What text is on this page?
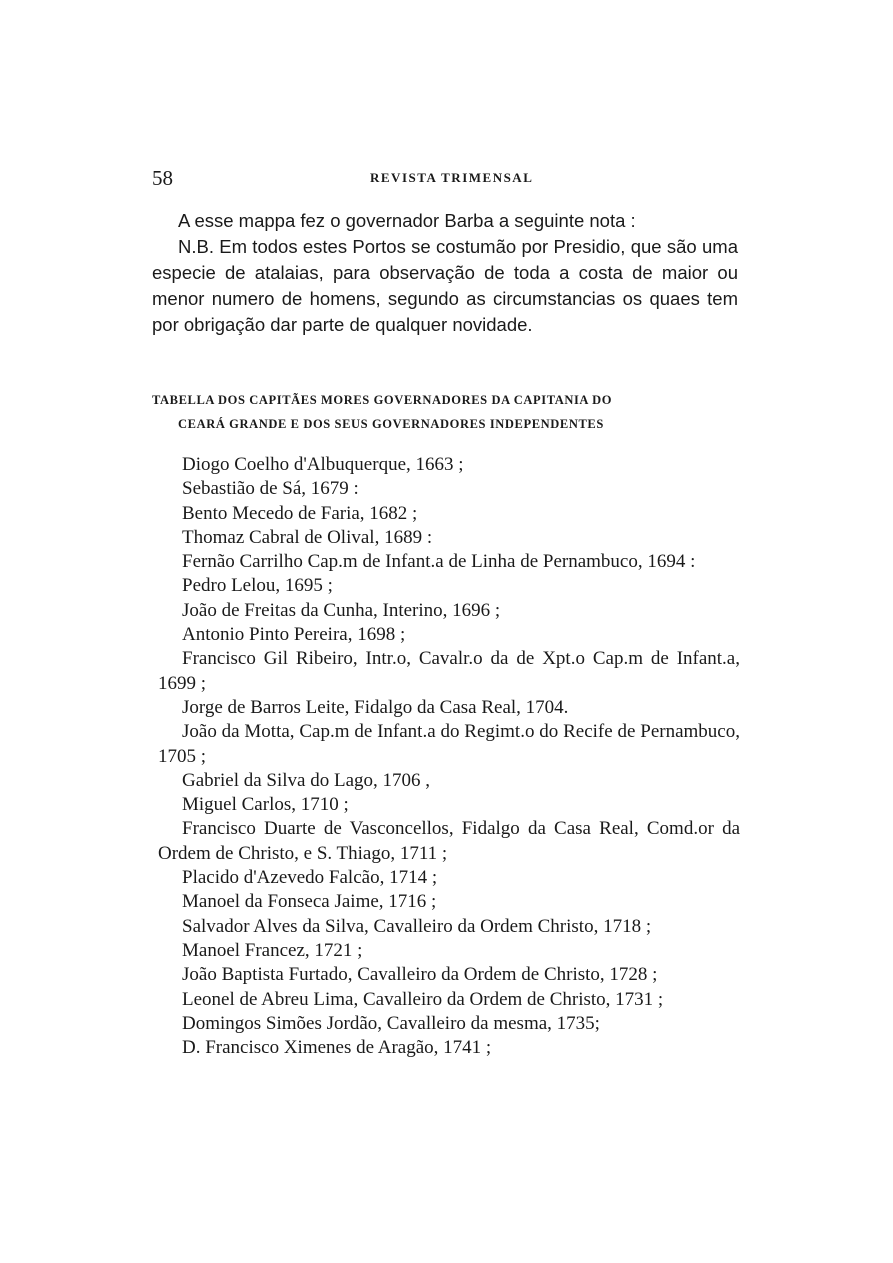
58	REVISTA TRIMENSAL

A esse mappa fez o governador Barba a seguinte nota :

N.B. Em todos estes Portos se costumão por Presidio, que são uma especie de atalaias, para observação de toda a costa de maior ou menor numero de homens, segundo as circumstancias os quaes tem por obrigação dar parte de qualquer novidade.

TABELLA DOS CAPITÃES MORES GOVERNADORES DA CAPITANIA DO
CEARÁ GRANDE E DOS SEUS GOVERNADORES INDEPENDENTES
Diogo Coelho d'Albuquerque, 1663 ;
Sebastião de Sá, 1679 :
Bento Mecedo de Faria, 1682 ;
Thomaz Cabral de Olival, 1689 :
Fernão Carrilho Cap.m de Infant.a de Linha de Pernambuco, 1694 :
Pedro Lelou, 1695 ;
João de Freitas da Cunha, Interino, 1696 ;
Antonio Pinto Pereira, 1698 ;
Francisco Gil Ribeiro, Intr.o, Cavalr.o da de Xpt.o Cap.m de Infant.a, 1699 ;
Jorge de Barros Leite, Fidalgo da Casa Real, 1704.
João da Motta, Cap.m de Infant.a do Regimt.o do Recife de Pernambuco, 1705 ;
Gabriel da Silva do Lago, 1706 ,
Miguel Carlos, 1710 ;
Francisco Duarte de Vasconcellos, Fidalgo da Casa Real, Comd.or da Ordem de Christo, e S. Thiago, 1711 ;
Placido d'Azevedo Falcão, 1714 ;
Manoel da Fonseca Jaime, 1716 ;
Salvador Alves da Silva, Cavalleiro da Ordem Christo, 1718 ;
Manoel Francez, 1721 ;
João Baptista Furtado, Cavalleiro da Ordem de Christo, 1728 ;
Leonel de Abreu Lima, Cavalleiro da Ordem de Christo, 1731 ;
Domingos Simões Jordão, Cavalleiro da mesma, 1735;
D. Francisco Ximenes de Aragão, 1741 ;
